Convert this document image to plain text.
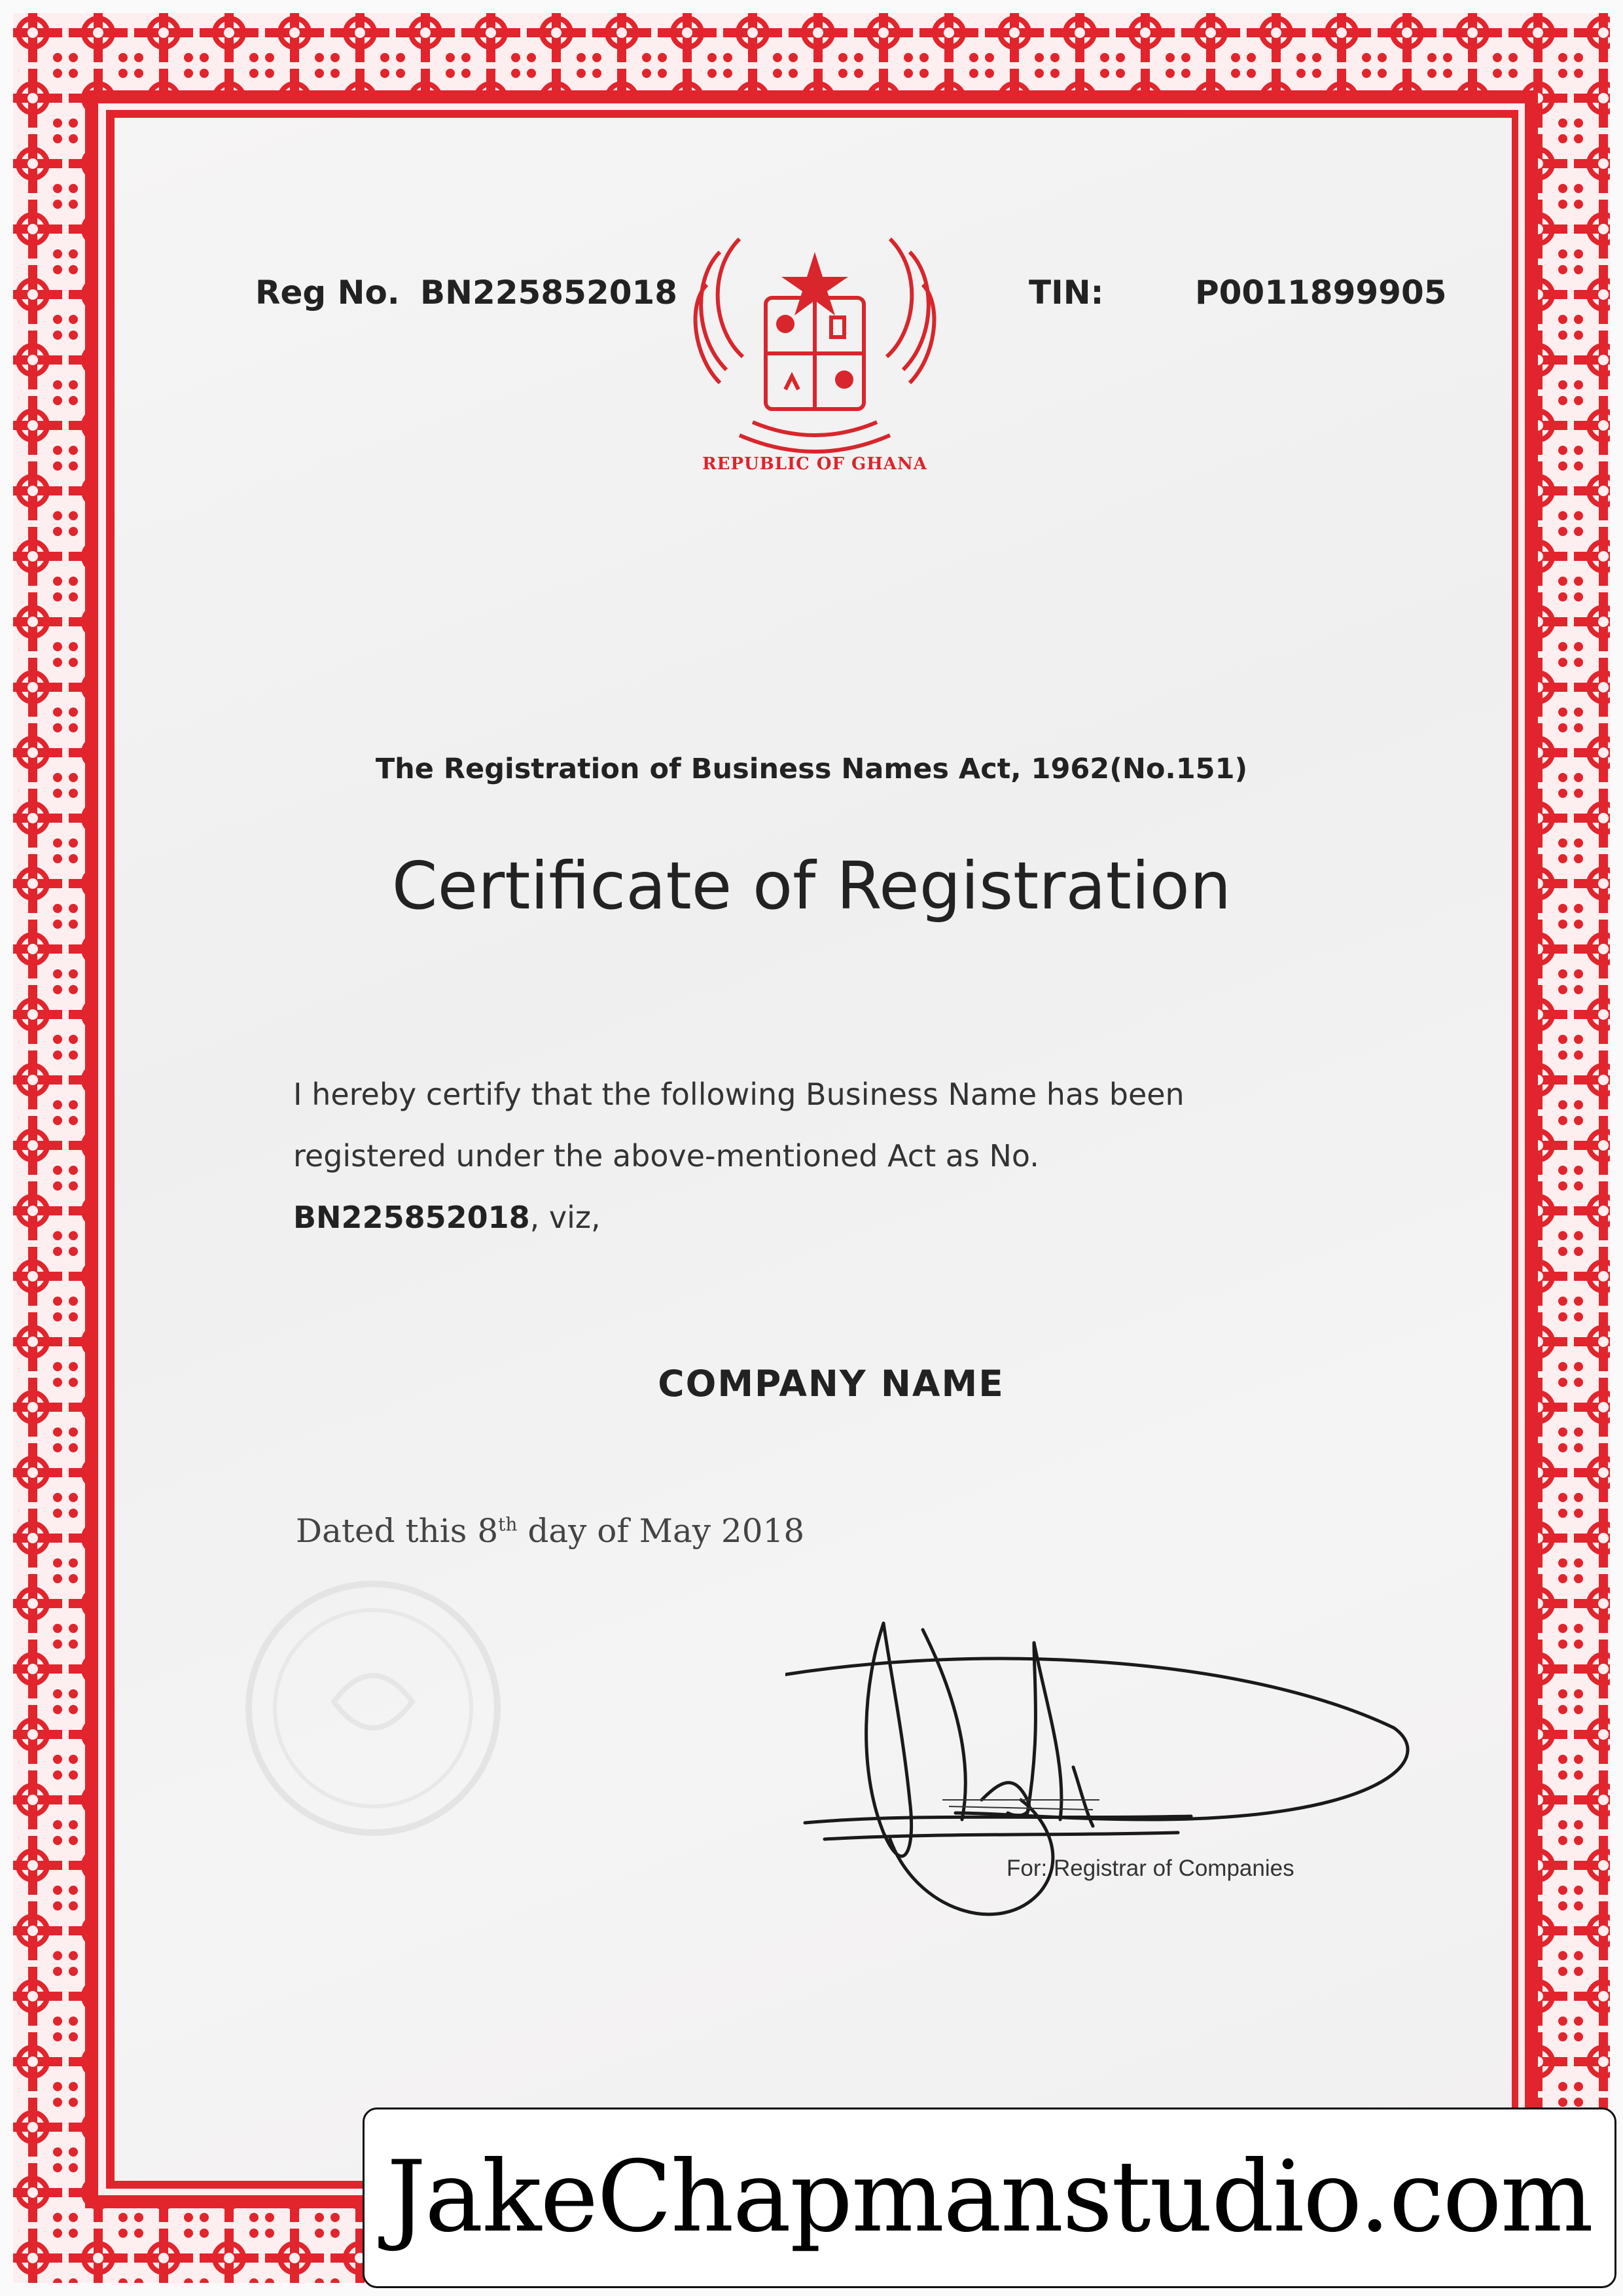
Reg No. BN225852018	TIN:	P0011899905
REPUBLIC OF GHANA
The Registration of Business Names Act, 1962(No.151)
Certificate of Registration
I hereby certify that the following Business Name has been
registered under the above-mentioned Act as No.
BN225852018, viz,
COMPANY NAME
Dated this 8th day of May 2018
For: Registrar of Companies
JakeChapmanstudio.com
